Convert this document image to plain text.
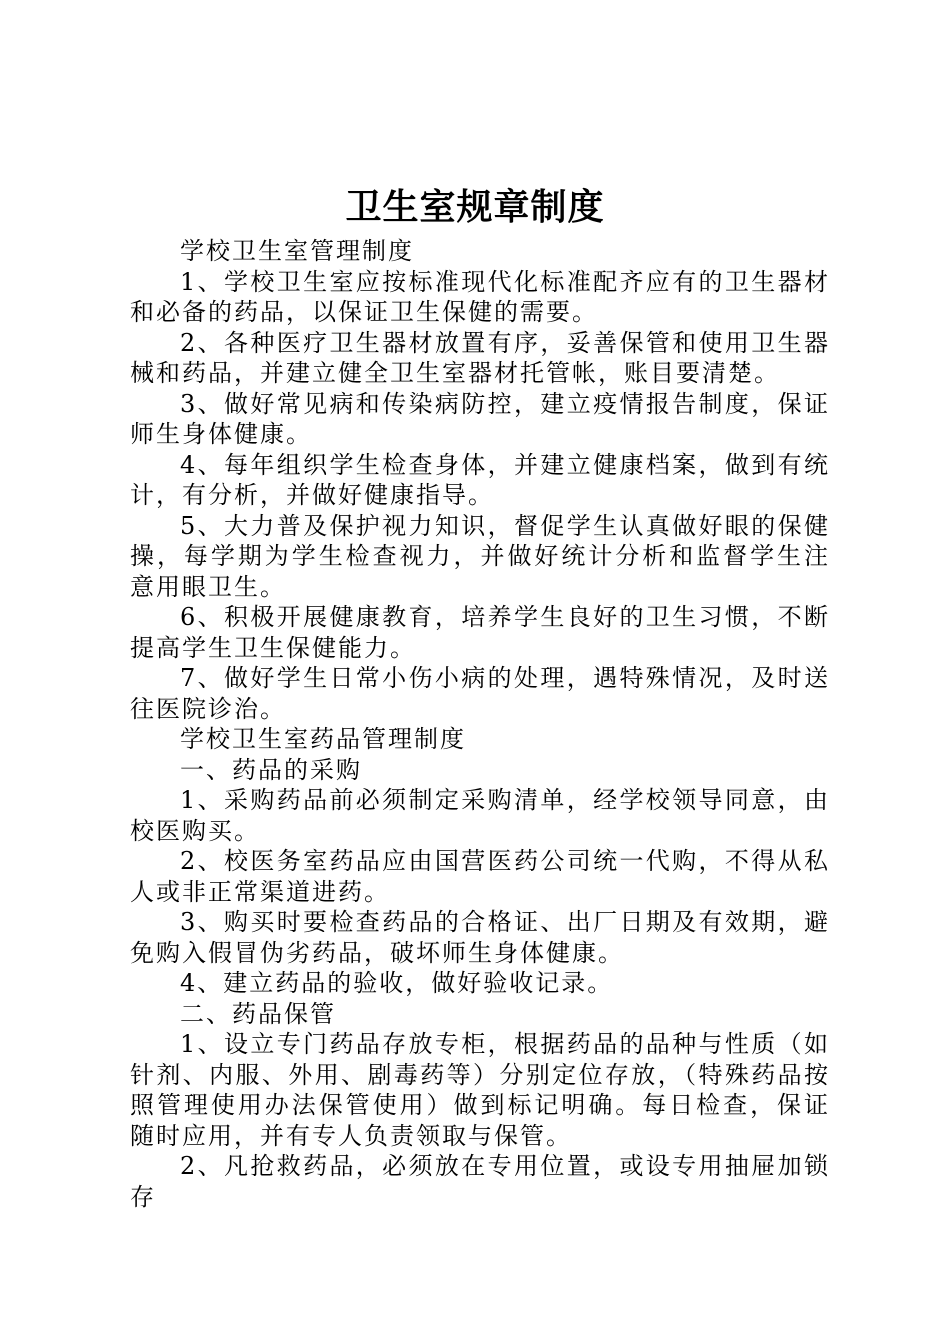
卫生室规章制度

学校卫生室管理制度

1、学校卫生室应按标准现代化标准配齐应有的卫生器材和必备的药品，以保证卫生保健的需要。

2、各种医疗卫生器材放置有序，妥善保管和使用卫生器械和药品，并建立健全卫生室器材托管帐，账目要清楚。

3、做好常见病和传染病防控，建立疫情报告制度，保证师生身体健康。

4、每年组织学生检查身体，并建立健康档案，做到有统计，有分析，并做好健康指导。

5、大力普及保护视力知识，督促学生认真做好眼的保健操，每学期为学生检查视力，并做好统计分析和监督学生注意用眼卫生。

6、积极开展健康教育，培养学生良好的卫生习惯，不断提高学生卫生保健能力。

7、做好学生日常小伤小病的处理，遇特殊情况，及时送往医院诊治。

学校卫生室药品管理制度

一、药品的采购

1、采购药品前必须制定采购清单，经学校领导同意，由校医购买。

2、校医务室药品应由国营医药公司统一代购，不得从私人或非正常渠道进药。

3、购买时要检查药品的合格证、出厂日期及有效期，避免购入假冒伪劣药品，破坏师生身体健康。

4、建立药品的验收，做好验收记录。

二、药品保管

1、设立专门药品存放专柜，根据药品的品种与性质（如针剂、内服、外用、剧毒药等）分别定位存放，（特殊药品按照管理使用办法保管使用）做到标记明确。每日检查，保证随时应用，并有专人负责领取与保管。

2、凡抢救药品，必须放在专用位置，或设专用抽屉加锁存
